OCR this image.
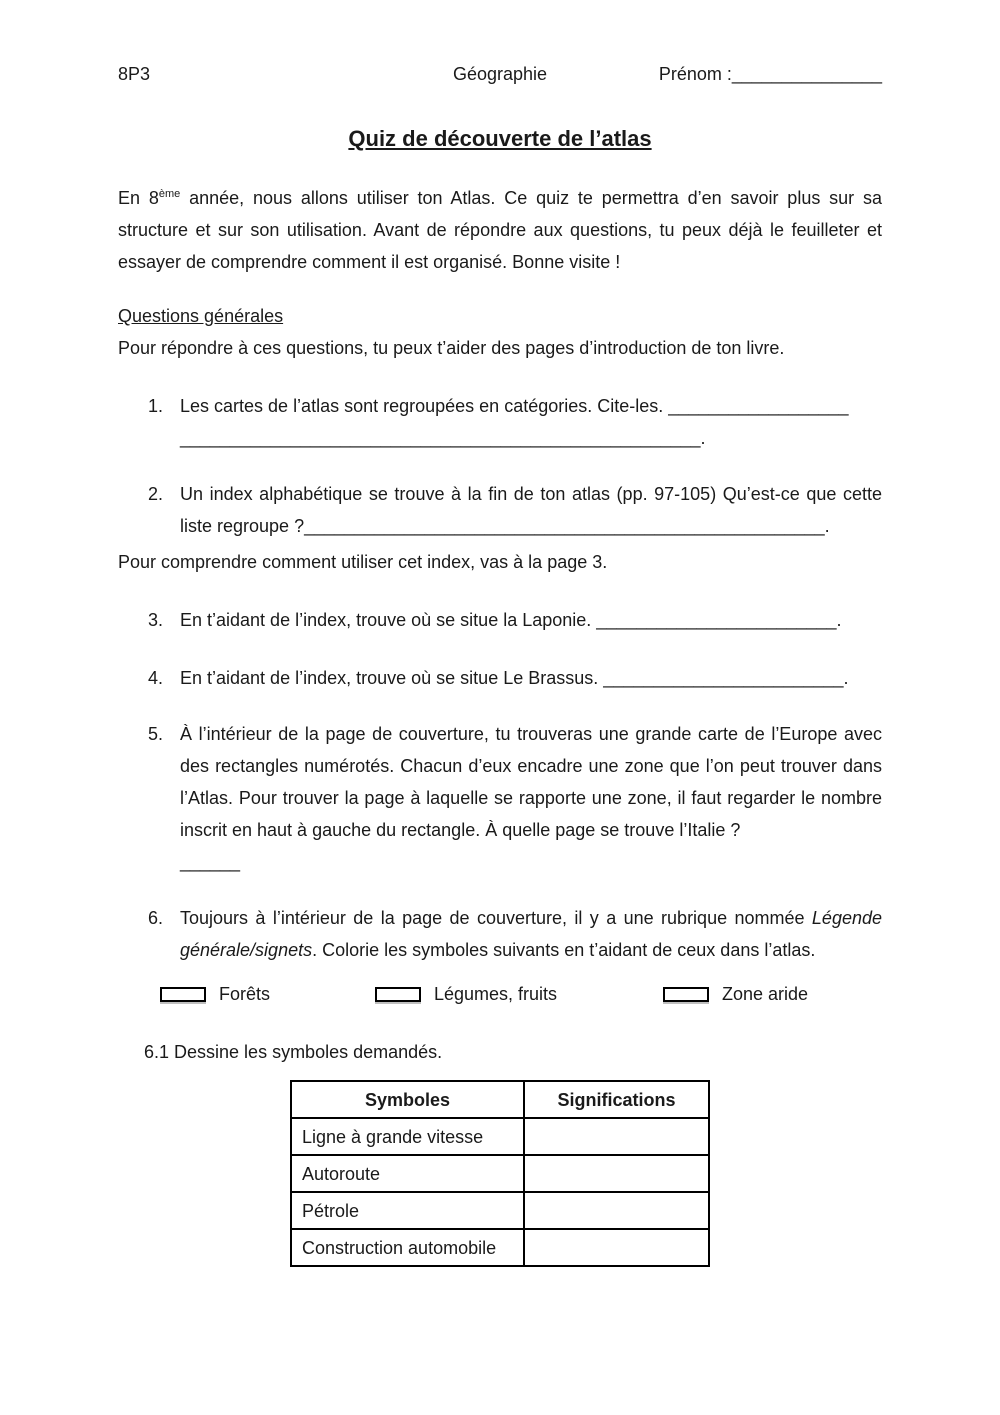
8P3	Géographie	Prénom :_______________
Quiz de découverte de l’atlas

En 8ème année, nous allons utiliser ton Atlas. Ce quiz te permettra d’en savoir plus sur sa structure et sur son utilisation. Avant de répondre aux questions, tu peux déjà le feuilleter et essayer de comprendre comment il est organisé. Bonne visite !

Questions générales

Pour répondre à ces questions, tu peux t’aider des pages d’introduction de ton livre.

1. Les cartes de l’atlas sont regroupées en catégories. Cite-les. __________________
____________________________________________________.
2. Un index alphabétique se trouve à la fin de ton atlas (pp. 97-105) Qu’est-ce que cette liste regroupe ?____________________________________________________.

Pour comprendre comment utiliser cet index, vas à la page 3.

3. En t’aidant de l’index, trouve où se situe la Laponie. ________________________.
4. En t’aidant de l’index, trouve où se situe Le Brassus. ________________________.
5. À l’intérieur de la page de couverture, tu trouveras une grande carte de l’Europe avec des rectangles numérotés. Chacun d’eux encadre une zone que l’on peut trouver dans l’Atlas. Pour trouver la page à laquelle se rapporte une zone, il faut regarder le nombre inscrit en haut à gauche du rectangle. À quelle page se trouve l’Italie ?
______
6. Toujours à l’intérieur de la page de couverture, il y a une rubrique nommée Légende générale/signets. Colorie les symboles suivants en t’aidant de ceux dans l’atlas.
Forêts	Légumes, fruits	Zone aride

6.1 Dessine les symboles demandés.

Symboles	Significations
Ligne à grande vitesse	
Autoroute	
Pétrole	
Construction automobile	
